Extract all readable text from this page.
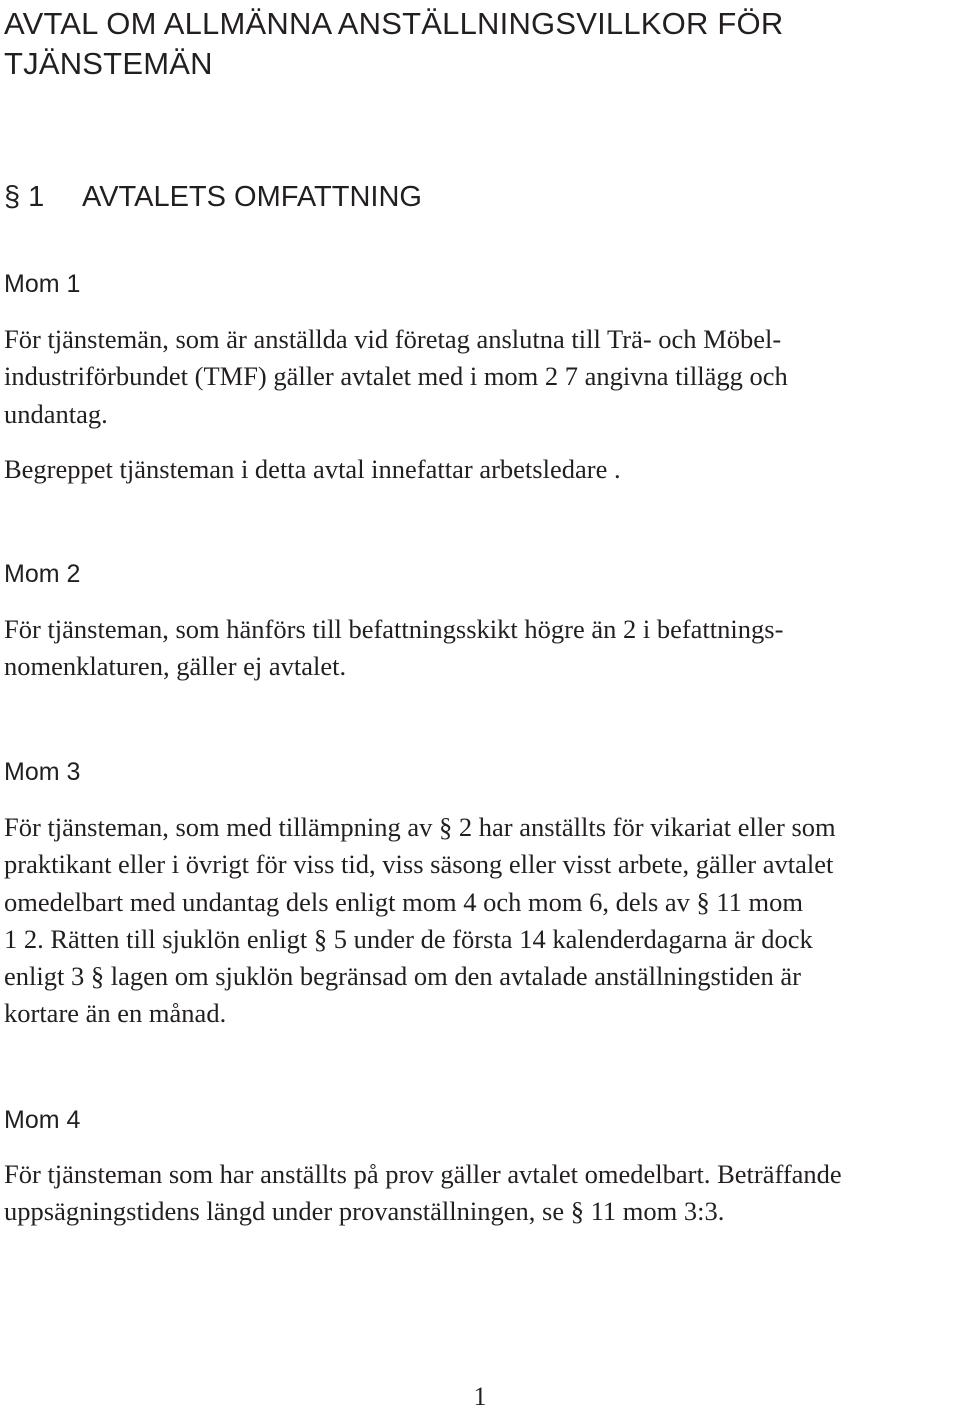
AVTAL OM ALLMÄNNA ANSTÄLLNINGSVILLKOR FÖR
TJÄNSTEMÄN
§ 1 AVTALETS OMFATTNING
Mom 1

För tjänstemän, som är anställda vid företag anslutna till Trä- och Möbel-
industriförbundet (TMF) gäller avtalet med i mom 2 7 angivna tillägg och
undantag.

Begreppet tjänsteman i detta avtal innefattar arbetsledare .

Mom 2

För tjänsteman, som hänförs till befattningsskikt högre än 2 i befattnings-
nomenklaturen, gäller ej avtalet.

Mom 3

För tjänsteman, som med tillämpning av § 2 har anställts för vikariat eller som
praktikant eller i övrigt för viss tid, viss säsong eller visst arbete, gäller avtalet
omedelbart med undantag dels enligt mom 4 och mom 6, dels av § 11 mom
1 2. Rätten till sjuklön enligt § 5 under de första 14 kalenderdagarna är dock
enligt 3 § lagen om sjuklön begränsad om den avtalade anställningstiden är
kortare än en månad.

Mom 4

För tjänsteman som har anställts på prov gäller avtalet omedelbart. Beträffande
uppsägningstidens längd under provanställningen, se § 11 mom 3:3.

1
